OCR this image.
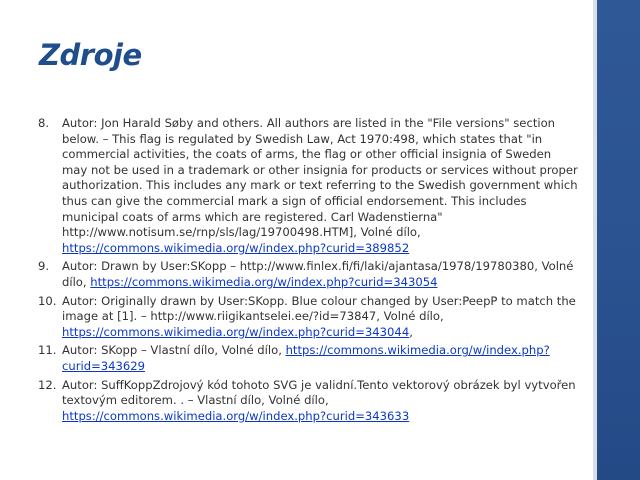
Zdroje
8. Autor: Jon Harald Søby and others. All authors are listed in the "File versions" section below. – This flag is regulated by Swedish Law, Act 1970:498, which states that "in commercial activities, the coats of arms, the flag or other official insignia of Sweden may not be used in a trademark or other insignia for products or services without proper authorization. This includes any mark or text referring to the Swedish government which thus can give the commercial mark a sign of official endorsement. This includes municipal coats of arms which are registered. Carl Wadenstierna" http://www.notisum.se/rnp/sls/lag/19700498.HTM], Volné dílo, https://commons.wikimedia.org/w/index.php?curid=389852
9. Autor: Drawn by User:SKopp – http://www.finlex.fi/fi/laki/ajantasa/1978/19780380, Volné dílo, https://commons.wikimedia.org/w/index.php?curid=343054
10. Autor: Originally drawn by User:SKopp. Blue colour changed by User:PeepP to match the image at [1]. – http://www.riigikantselei.ee/?id=73847, Volné dílo, https://commons.wikimedia.org/w/index.php?curid=343044,
11. Autor: SKopp – Vlastní dílo, Volné dílo, https://commons.wikimedia.org/w/index.php?curid=343629
12. Autor: SuffKoppZdrojový kód tohoto SVG je validní.Tento vektorový obrázek byl vytvořen textovým editorem. . – Vlastní dílo, Volné dílo, https://commons.wikimedia.org/w/index.php?curid=343633
